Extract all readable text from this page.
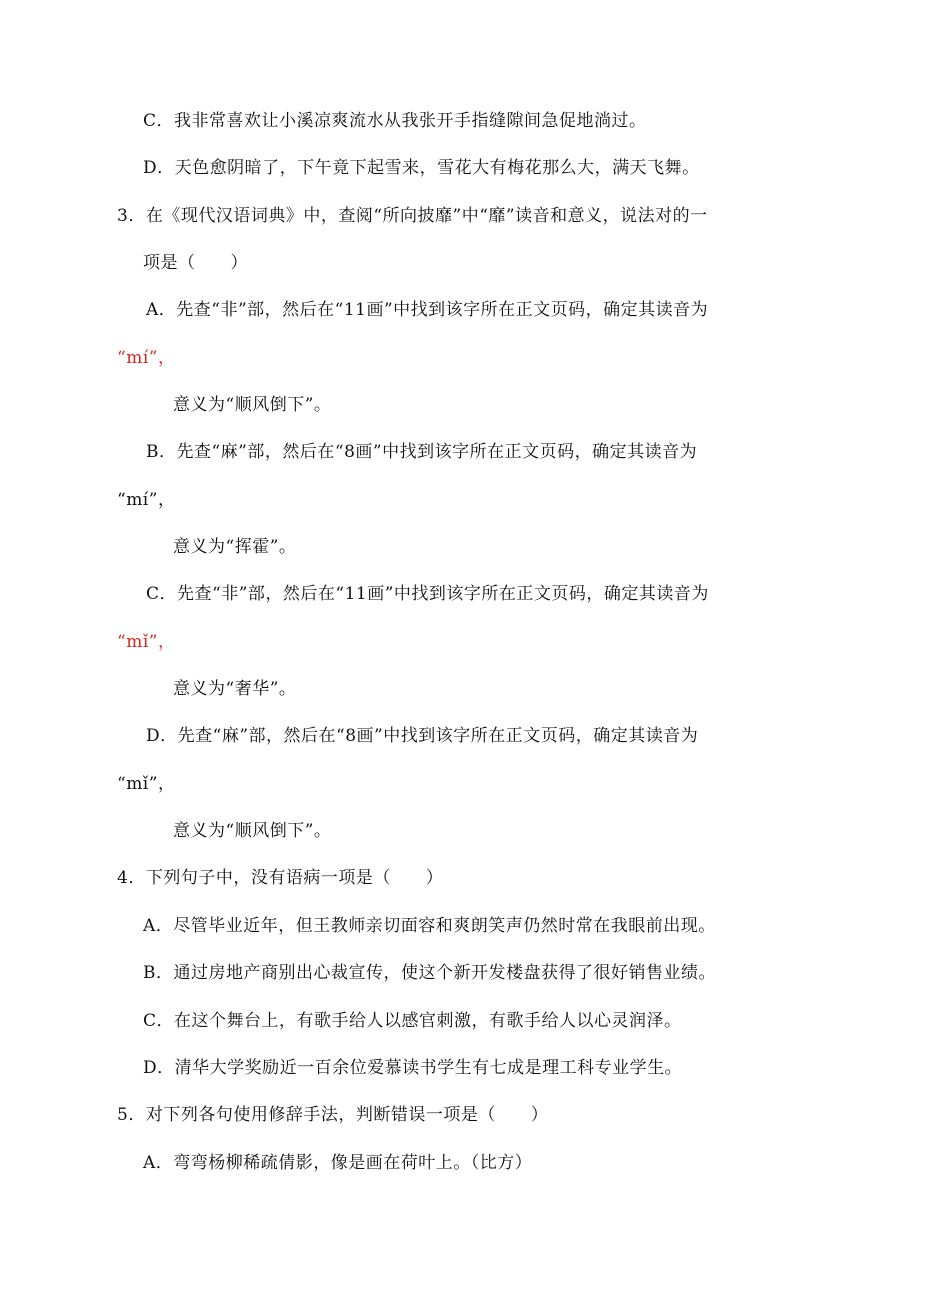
C．我非常喜欢让小溪凉爽流水从我张开手指缝隙间急促地淌过。
D．天色愈阴暗了，下午竟下起雪来，雪花大有梅花那么大，满天飞舞。
3．在《现代汉语词典》中，查阅“所向披靡”中“靡”读音和意义，说法对的一
项是（　　）
A．先查“非”部，然后在“11画”中找到该字所在正文页码，确定其读音为
“mí”，
意义为“顺风倒下”。
B．先查“麻”部，然后在“8画”中找到该字所在正文页码，确定其读音为
“mí”，
意义为“挥霍”。
C．先查“非”部，然后在“11画”中找到该字所在正文页码，确定其读音为
“mǐ”，
意义为“奢华”。
D．先查“麻”部，然后在“8画”中找到该字所在正文页码，确定其读音为
“mǐ”，
意义为“顺风倒下”。
4．下列句子中，没有语病一项是（　　）
A．尽管毕业近年，但王教师亲切面容和爽朗笑声仍然时常在我眼前出现。
B．通过房地产商别出心裁宣传，使这个新开发楼盘获得了很好销售业绩。
C．在这个舞台上，有歌手给人以感官刺激，有歌手给人以心灵润泽。
D．清华大学奖励近一百余位爱慕读书学生有七成是理工科专业学生。
5．对下列各句使用修辞手法，判断错误一项是（　　）
A．弯弯杨柳稀疏倩影，像是画在荷叶上。（比方）
